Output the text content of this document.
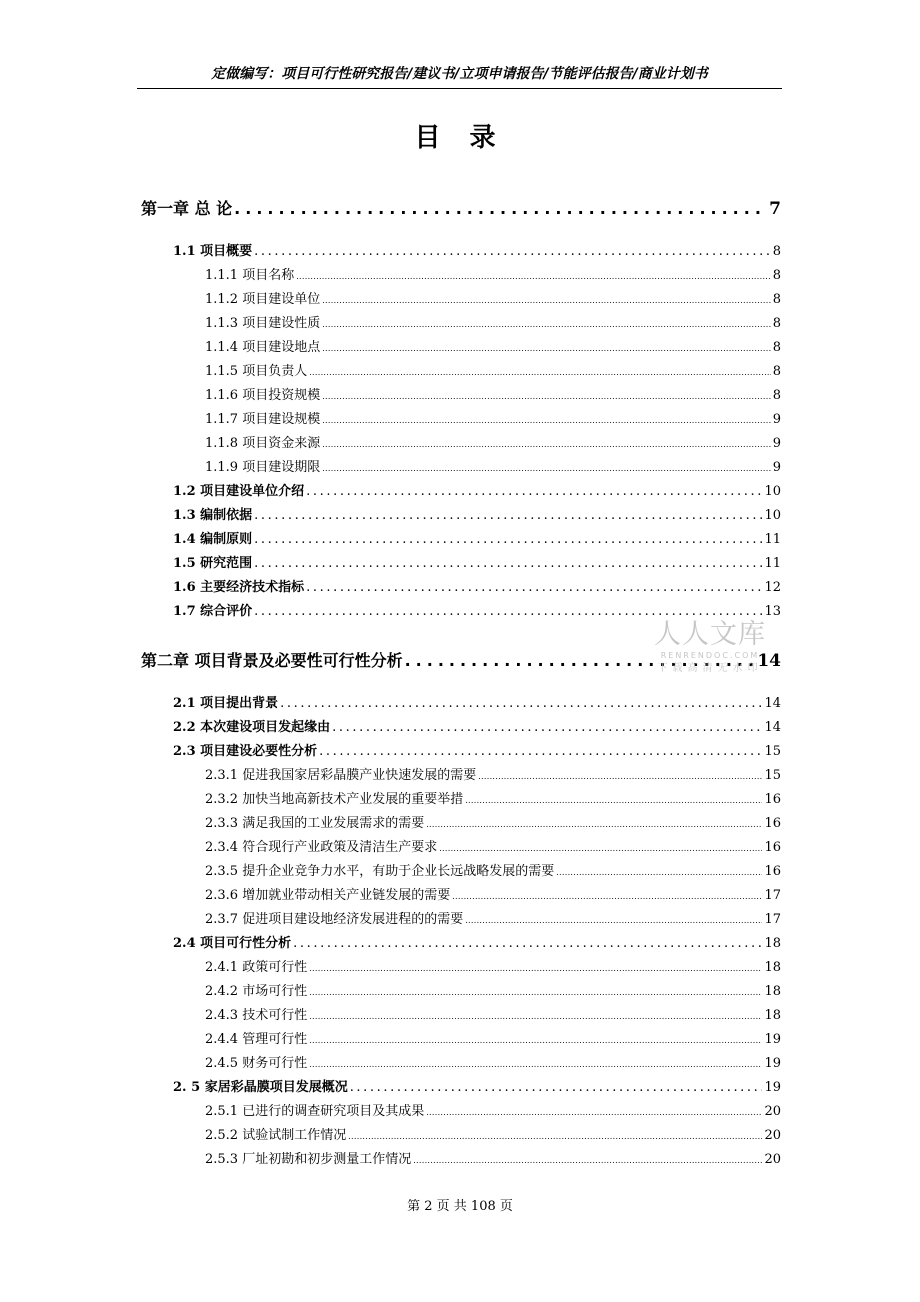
定做编写：项目可行性研究报告/建议书/立项申请报告/节能评估报告/商业计划书
目 录
第一章 总 论 .....	7
1.1 项目概要 .....	8
1.1.1 项目名称 .....	8
1.1.2 项目建设单位 .....	8
1.1.3 项目建设性质 .....	8
1.1.4 项目建设地点 .....	8
1.1.5 项目负责人 .....	8
1.1.6 项目投资规模 .....	8
1.1.7 项目建设规模 .....	9
1.1.8 项目资金来源 .....	9
1.1.9 项目建设期限 .....	9
1.2 项目建设单位介绍 .....	10
1.3 编制依据 .....	10
1.4 编制原则 .....	11
1.5 研究范围 .....	11
1.6 主要经济技术指标 .....	12
1.7 综合评价 .....	13
第二章 项目背景及必要性可行性分析 .....	14
2.1 项目提出背景 .....	14
2.2 本次建设项目发起缘由 .....	14
2.3 项目建设必要性分析 .....	15
2.3.1 促进我国家居彩晶膜产业快速发展的需要 .....	15
2.3.2 加快当地高新技术产业发展的重要举措 .....	16
2.3.3 满足我国的工业发展需求的需要 .....	16
2.3.4 符合现行产业政策及清洁生产要求 .....	16
2.3.5 提升企业竞争力水平，有助于企业长远战略发展的需要 .....	16
2.3.6 增加就业带动相关产业链发展的需要 .....	17
2.3.7 促进项目建设地经济发展进程的的需要 .....	17
2.4 项目可行性分析 .....	18
2.4.1 政策可行性 .....	18
2.4.2 市场可行性 .....	18
2.4.3 技术可行性 .....	18
2.4.4 管理可行性 .....	19
2.4.5 财务可行性 .....	19
2. 5 家居彩晶膜项目发展概况 .....	19
2.5.1 已进行的调查研究项目及其成果 .....	20
2.5.2 试验试制工作情况 .....	20
2.5.3 厂址初勘和初步测量工作情况 .....	20
人人文库
RENRENDOC.COM
下载高清无水印
第 2 页 共 108 页
